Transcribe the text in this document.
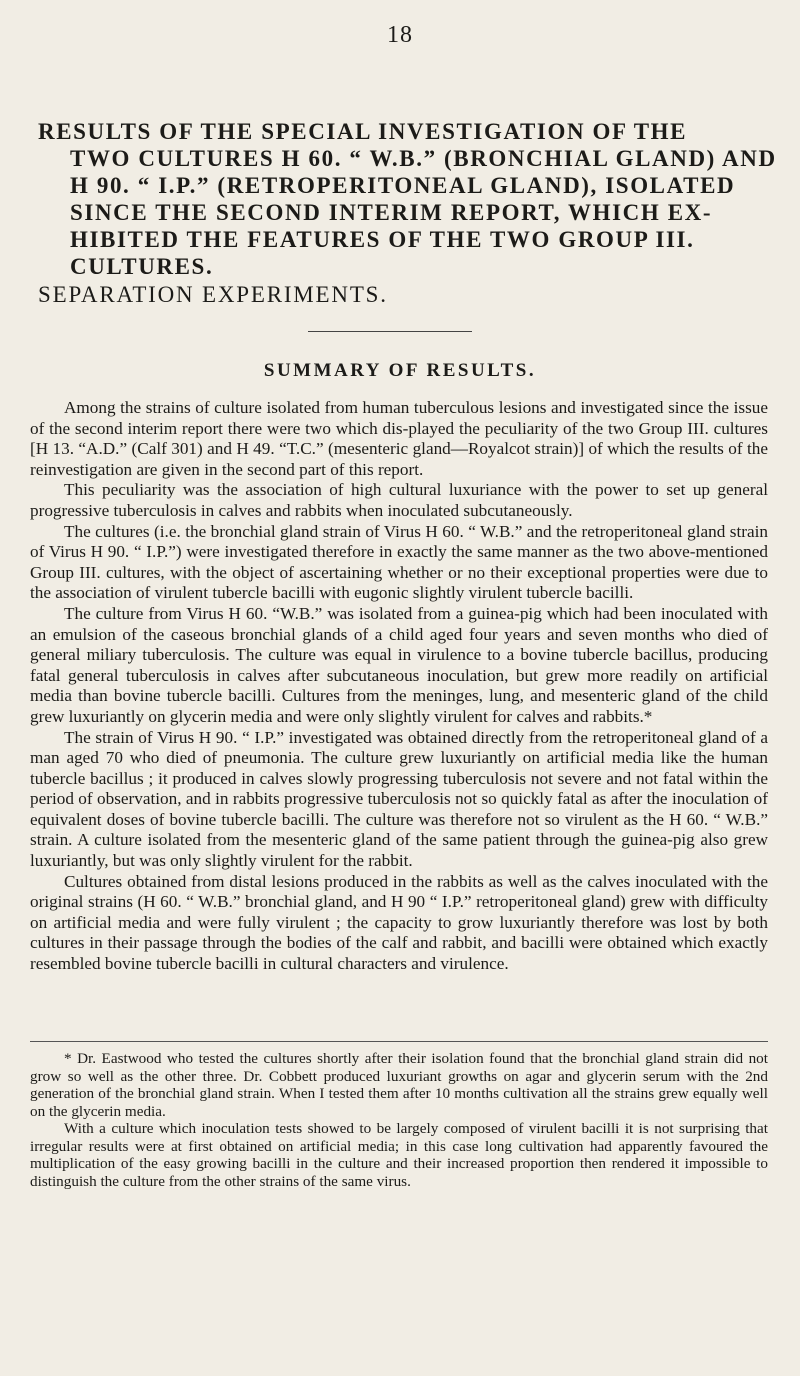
18
RESULTS OF THE SPECIAL INVESTIGATION OF THE
TWO CULTURES H 60. “ W.B.” (BRONCHIAL GLAND) AND H 90. “ I.P.” (RETROPERITONEAL GLAND), ISOLATED SINCE THE SECOND INTERIM REPORT, WHICH EX-HIBITED THE FEATURES OF THE TWO GROUP III. CULTURES.
SEPARATION EXPERIMENTS.
SUMMARY OF RESULTS.

Among the strains of culture isolated from human tuberculous lesions and investigated since the issue of the second interim report there were two which dis-played the peculiarity of the two Group III. cultures [H 13. “A.D.” (Calf 301) and H 49. “T.C.” (mesenteric gland—Royalcot strain)] of which the results of the reinvestigation are given in the second part of this report.

This peculiarity was the association of high cultural luxuriance with the power to set up general progressive tuberculosis in calves and rabbits when inoculated subcutaneously.

The cultures (i.e. the bronchial gland strain of Virus H 60. “ W.B.” and the retroperitoneal gland strain of Virus H 90. “ I.P.”) were investigated therefore in exactly the same manner as the two above-mentioned Group III. cultures, with the object of ascertaining whether or no their exceptional properties were due to the association of virulent tubercle bacilli with eugonic slightly virulent tubercle bacilli.

The culture from Virus H 60. “W.B.” was isolated from a guinea-pig which had been inoculated with an emulsion of the caseous bronchial glands of a child aged four years and seven months who died of general miliary tuberculosis. The culture was equal in virulence to a bovine tubercle bacillus, producing fatal general tuberculosis in calves after subcutaneous inoculation, but grew more readily on artificial media than bovine tubercle bacilli. Cultures from the meninges, lung, and mesenteric gland of the child grew luxuriantly on glycerin media and were only slightly virulent for calves and rabbits.*

The strain of Virus H 90. “ I.P.” investigated was obtained directly from the retroperitoneal gland of a man aged 70 who died of pneumonia. The culture grew luxuriantly on artificial media like the human tubercle bacillus ; it produced in calves slowly progressing tuberculosis not severe and not fatal within the period of observation, and in rabbits progressive tuberculosis not so quickly fatal as after the inoculation of equivalent doses of bovine tubercle bacilli. The culture was therefore not so virulent as the H 60. “ W.B.” strain. A culture isolated from the mesenteric gland of the same patient through the guinea-pig also grew luxuriantly, but was only slightly virulent for the rabbit.

Cultures obtained from distal lesions produced in the rabbits as well as the calves inoculated with the original strains (H 60. “ W.B.” bronchial gland, and H 90 “ I.P.” retroperitoneal gland) grew with difficulty on artificial media and were fully virulent ; the capacity to grow luxuriantly therefore was lost by both cultures in their passage through the bodies of the calf and rabbit, and bacilli were obtained which exactly resembled bovine tubercle bacilli in cultural characters and virulence.

* Dr. Eastwood who tested the cultures shortly after their isolation found that the bronchial gland strain did not grow so well as the other three. Dr. Cobbett produced luxuriant growths on agar and glycerin serum with the 2nd generation of the bronchial gland strain. When I tested them after 10 months cultivation all the strains grew equally well on the glycerin media.

With a culture which inoculation tests showed to be largely composed of virulent bacilli it is not surprising that irregular results were at first obtained on artificial media; in this case long cultivation had apparently favoured the multiplication of the easy growing bacilli in the culture and their increased proportion then rendered it impossible to distinguish the culture from the other strains of the same virus.
